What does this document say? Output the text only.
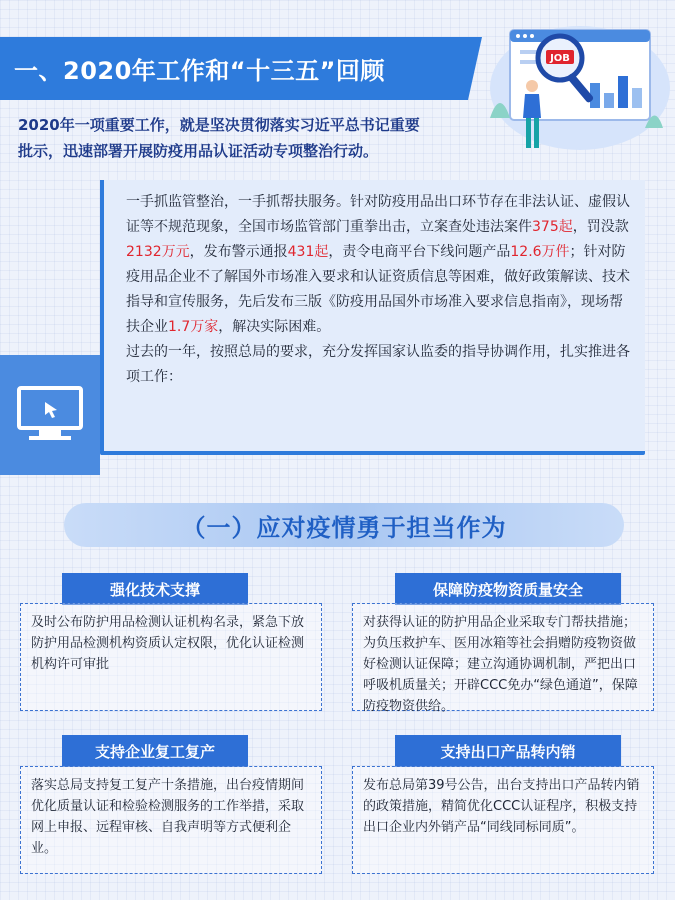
一、2020年工作和“十三五”回顾	JOB
2020年一项重要工作，就是坚决贯彻落实习近平总书记重要
批示，迅速部署开展防疫用品认证活动专项整治行动。

一手抓监管整治，一手抓帮扶服务。针对防疫用品出口环节存在非法认证、虚假认证等不规范现象，全国市场监管部门重拳出击，立案查处违法案件375起，罚没款2132万元，发布警示通报431起，责令电商平台下线问题产品12.6万件；针对防疫用品企业不了解国外市场准入要求和认证资质信息等困难，做好政策解读、技术指导和宣传服务，先后发布三版《防疫用品国外市场准入要求信息指南》，现场帮扶企业1.7万家，解决实际困难。

过去的一年，按照总局的要求，充分发挥国家认监委的指导协调作用，扎实推进各项工作：

（一）应对疫情勇于担当作为
强化技术支撑
及时公布防护用品检测认证机构名录，紧急下放防护用品检测机构资质认定权限，优化认证检测机构许可审批
保障防疫物资质量安全
对获得认证的防护用品企业采取专门帮扶措施；为负压救护车、医用冰箱等社会捐赠防疫物资做好检测认证保障；建立沟通协调机制，严把出口呼吸机质量关；开辟CCC免办“绿色通道”，保障防疫物资供给。
支持企业复工复产
落实总局支持复工复产十条措施，出台疫情期间优化质量认证和检验检测服务的工作举措，采取网上申报、远程审核、自我声明等方式便利企业。
支持出口产品转内销
发布总局第39号公告，出台支持出口产品转内销的政策措施，精简优化CCC认证程序，积极支持出口企业内外销产品“同线同标同质”。
